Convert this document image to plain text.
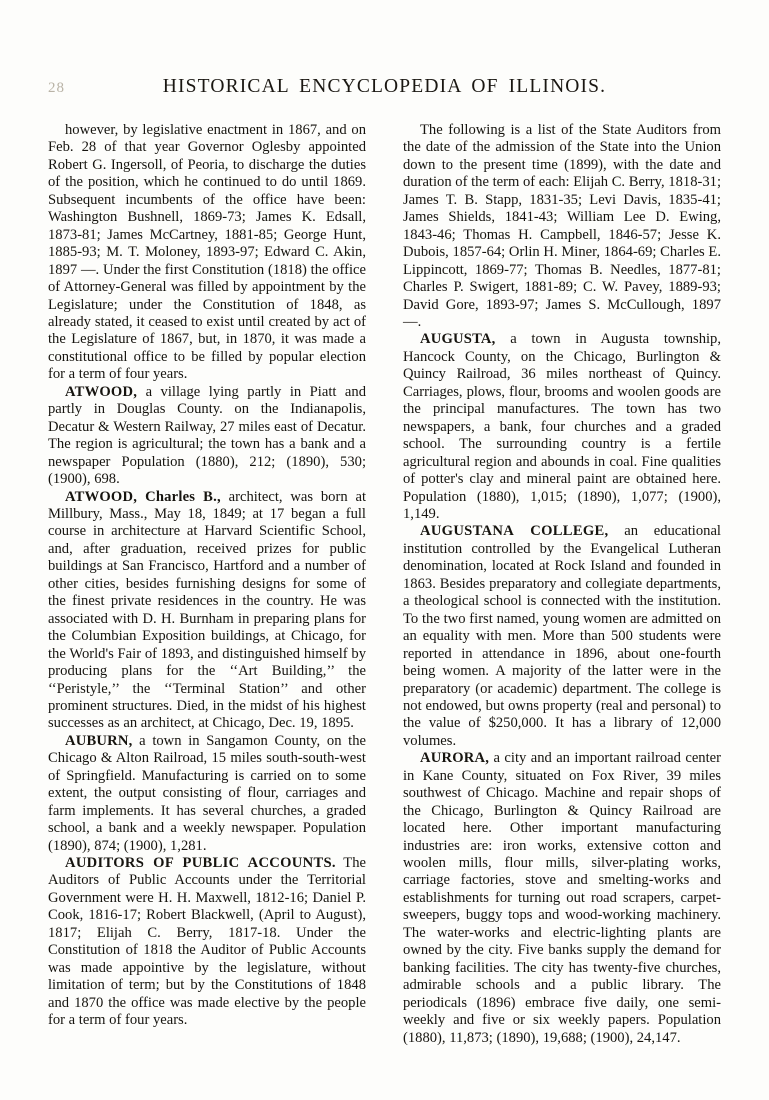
28	HISTORICAL ENCYCLOPEDIA OF ILLINOIS.

however, by legislative enactment in 1867, and on Feb. 28 of that year Governor Oglesby appointed Robert G. Ingersoll, of Peoria, to discharge the duties of the position, which he continued to do until 1869. Subsequent incumbents of the office have been: Washington Bushnell, 1869-73; James K. Edsall, 1873-81; James McCartney, 1881-85; George Hunt, 1885-93; M. T. Moloney, 1893-97; Edward C. Akin, 1897 —. Under the first Constitution (1818) the office of Attorney-General was filled by appointment by the Legislature; under the Constitution of 1848, as already stated, it ceased to exist until created by act of the Legislature of 1867, but, in 1870, it was made a constitutional office to be filled by popular election for a term of four years.

ATWOOD, a village lying partly in Piatt and partly in Douglas County. on the Indianapolis, Decatur & Western Railway, 27 miles east of Decatur. The region is agricultural; the town has a bank and a newspaper Population (1880), 212; (1890), 530; (1900), 698.

ATWOOD, Charles B., architect, was born at Millbury, Mass., May 18, 1849; at 17 began a full course in architecture at Harvard Scientific School, and, after graduation, received prizes for public buildings at San Francisco, Hartford and a number of other cities, besides furnishing designs for some of the finest private residences in the country. He was associated with D. H. Burnham in preparing plans for the Columbian Exposition buildings, at Chicago, for the World's Fair of 1893, and distinguished himself by producing plans for the ‘‘Art Building,’’ the ‘‘Peristyle,’’ the ‘‘Terminal Station’’ and other prominent structures. Died, in the midst of his highest successes as an architect, at Chicago, Dec. 19, 1895.

AUBURN, a town in Sangamon County, on the Chicago & Alton Railroad, 15 miles south-south-west of Springfield. Manufacturing is carried on to some extent, the output consisting of flour, carriages and farm implements. It has several churches, a graded school, a bank and a weekly newspaper. Population (1890), 874; (1900), 1,281.

AUDITORS OF PUBLIC ACCOUNTS. The Auditors of Public Accounts under the Territorial Government were H. H. Maxwell, 1812-16; Daniel P. Cook, 1816-17; Robert Blackwell, (April to August), 1817; Elijah C. Berry, 1817-18. Under the Constitution of 1818 the Auditor of Public Accounts was made appointive by the legislature, without limitation of term; but by the Constitutions of 1848 and 1870 the office was made elective by the people for a term of four years.

The following is a list of the State Auditors from the date of the admission of the State into the Union down to the present time (1899), with the date and duration of the term of each: Elijah C. Berry, 1818-31; James T. B. Stapp, 1831-35; Levi Davis, 1835-41; James Shields, 1841-43; William Lee D. Ewing, 1843-46; Thomas H. Campbell, 1846-57; Jesse K. Dubois, 1857-64; Orlin H. Miner, 1864-69; Charles E. Lippincott, 1869-77; Thomas B. Needles, 1877-81; Charles P. Swigert, 1881-89; C. W. Pavey, 1889-93; David Gore, 1893-97; James S. McCullough, 1897 —.

AUGUSTA, a town in Augusta township, Hancock County, on the Chicago, Burlington & Quincy Railroad, 36 miles northeast of Quincy. Carriages, plows, flour, brooms and woolen goods are the principal manufactures. The town has two newspapers, a bank, four churches and a graded school. The surrounding country is a fertile agricultural region and abounds in coal. Fine qualities of potter's clay and mineral paint are obtained here. Population (1880), 1,015; (1890), 1,077; (1900), 1,149.

AUGUSTANA COLLEGE, an educational institution controlled by the Evangelical Lutheran denomination, located at Rock Island and founded in 1863. Besides preparatory and collegiate departments, a theological school is connected with the institution. To the two first named, young women are admitted on an equality with men. More than 500 students were reported in attendance in 1896, about one-fourth being women. A majority of the latter were in the preparatory (or academic) department. The college is not endowed, but owns property (real and personal) to the value of $250,000. It has a library of 12,000 volumes.

AURORA, a city and an important railroad center in Kane County, situated on Fox River, 39 miles southwest of Chicago. Machine and repair shops of the Chicago, Burlington & Quincy Railroad are located here. Other important manufacturing industries are: iron works, extensive cotton and woolen mills, flour mills, silver-plating works, carriage factories, stove and smelting-works and establishments for turning out road scrapers, carpet-sweepers, buggy tops and wood-working machinery. The water-works and electric-lighting plants are owned by the city. Five banks supply the demand for banking facilities. The city has twenty-five churches, admirable schools and a public library. The periodicals (1896) embrace five daily, one semi-weekly and five or six weekly papers. Population (1880), 11,873; (1890), 19,688; (1900), 24,147.
